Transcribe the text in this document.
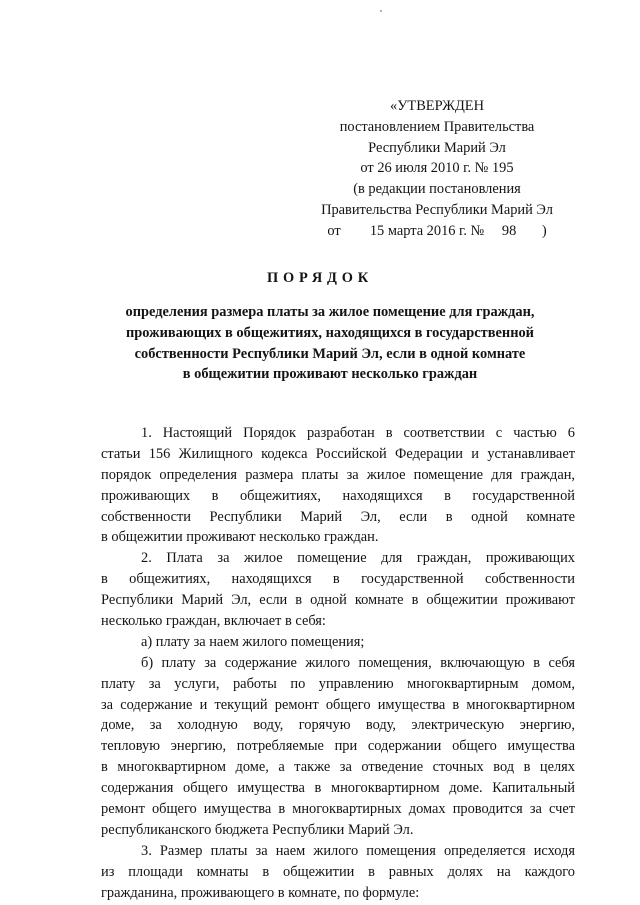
«УТВЕРЖДЕН
постановлением Правительства
Республики Марий Эл
от 26 июля 2010 г. № 195
(в редакции постановления
Правительства Республики Марий Эл
от 15 марта 2016 г. № 98 )
ПОРЯДОК
определения размера платы за жилое помещение для граждан,
проживающих в общежитиях, находящихся в государственной
собственности Республики Марий Эл, если в одной комнате
в общежитии проживают несколько граждан
1. Настоящий Порядок разработан в соответствии с частью 6
статьи 156 Жилищного кодекса Российской Федерации и устанавливает
порядок определения размера платы за жилое помещение для граждан,
проживающих в общежитиях, находящихся в государственной
собственности Республики Марий Эл, если в одной комнате
в общежитии проживают несколько граждан.
2. Плата за жилое помещение для граждан, проживающих
в общежитиях, находящихся в государственной собственности
Республики Марий Эл, если в одной комнате в общежитии проживают
несколько граждан, включает в себя:
а) плату за наем жилого помещения;
б) плату за содержание жилого помещения, включающую в себя
плату за услуги, работы по управлению многоквартирным домом,
за содержание и текущий ремонт общего имущества в многоквартирном
доме, за холодную воду, горячую воду, электрическую энергию,
тепловую энергию, потребляемые при содержании общего имущества
в многоквартирном доме, а также за отведение сточных вод в целях
содержания общего имущества в многоквартирном доме. Капитальный
ремонт общего имущества в многоквартирных домах проводится за счет
республиканского бюджета Республики Марий Эл.
3. Размер платы за наем жилого помещения определяется исходя
из площади комнаты в общежитии в равных долях на каждого
гражданина, проживающего в комнате, по формуле:
